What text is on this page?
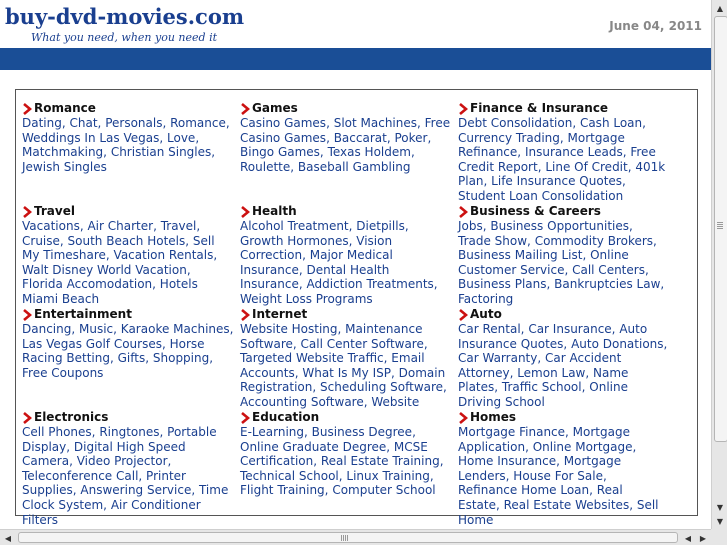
buy-dvd-movies.com
What you need, when you need it
June 04, 2011
Romance
Dating, Chat, Personals, Romance, Weddings In Las Vegas, Love, Matchmaking, Christian Singles, Jewish Singles
Games
Casino Games, Slot Machines, Free Casino Games, Baccarat, Poker, Bingo Games, Texas Holdem, Roulette, Baseball Gambling
Finance & Insurance
Debt Consolidation, Cash Loan, Currency Trading, Mortgage Refinance, Insurance Leads, Free Credit Report, Line Of Credit, 401k Plan, Life Insurance Quotes, Student Loan Consolidation
Travel
Vacations, Air Charter, Travel, Cruise, South Beach Hotels, Sell My Timeshare, Vacation Rentals, Walt Disney World Vacation, Florida Accomodation, Hotels Miami Beach
Health
Alcohol Treatment, Dietpills, Growth Hormones, Vision Correction, Major Medical Insurance, Dental Health Insurance, Addiction Treatments, Weight Loss Programs
Business & Careers
Jobs, Business Opportunities, Trade Show, Commodity Brokers, Business Mailing List, Online Customer Service, Call Centers, Business Plans, Bankruptcies Law, Factoring
Entertainment
Dancing, Music, Karaoke Machines, Las Vegas Golf Courses, Horse Racing Betting, Gifts, Shopping, Free Coupons
Internet
Website Hosting, Maintenance Software, Call Center Software, Targeted Website Traffic, Email Accounts, What Is My ISP, Domain Registration, Scheduling Software, Accounting Software, Website
Auto
Car Rental, Car Insurance, Auto Insurance Quotes, Auto Donations, Car Warranty, Car Accident Attorney, Lemon Law, Name Plates, Traffic School, Online Driving School
Electronics
Cell Phones, Ringtones, Portable Display, Digital High Speed Camera, Video Projector, Teleconference Call, Printer Supplies, Answering Service, Time Clock System, Air Conditioner Filters
Education
E-Learning, Business Degree, Online Graduate Degree, MCSE Certification, Real Estate Training, Technical School, Linux Training, Flight Training, Computer School
Homes
Mortgage Finance, Mortgage Application, Online Mortgage, Home Insurance, Mortgage Lenders, House For Sale, Refinance Home Loan, Real Estate, Real Estate Websites, Sell Home
▲
▼
▼
◀	◀	▶
